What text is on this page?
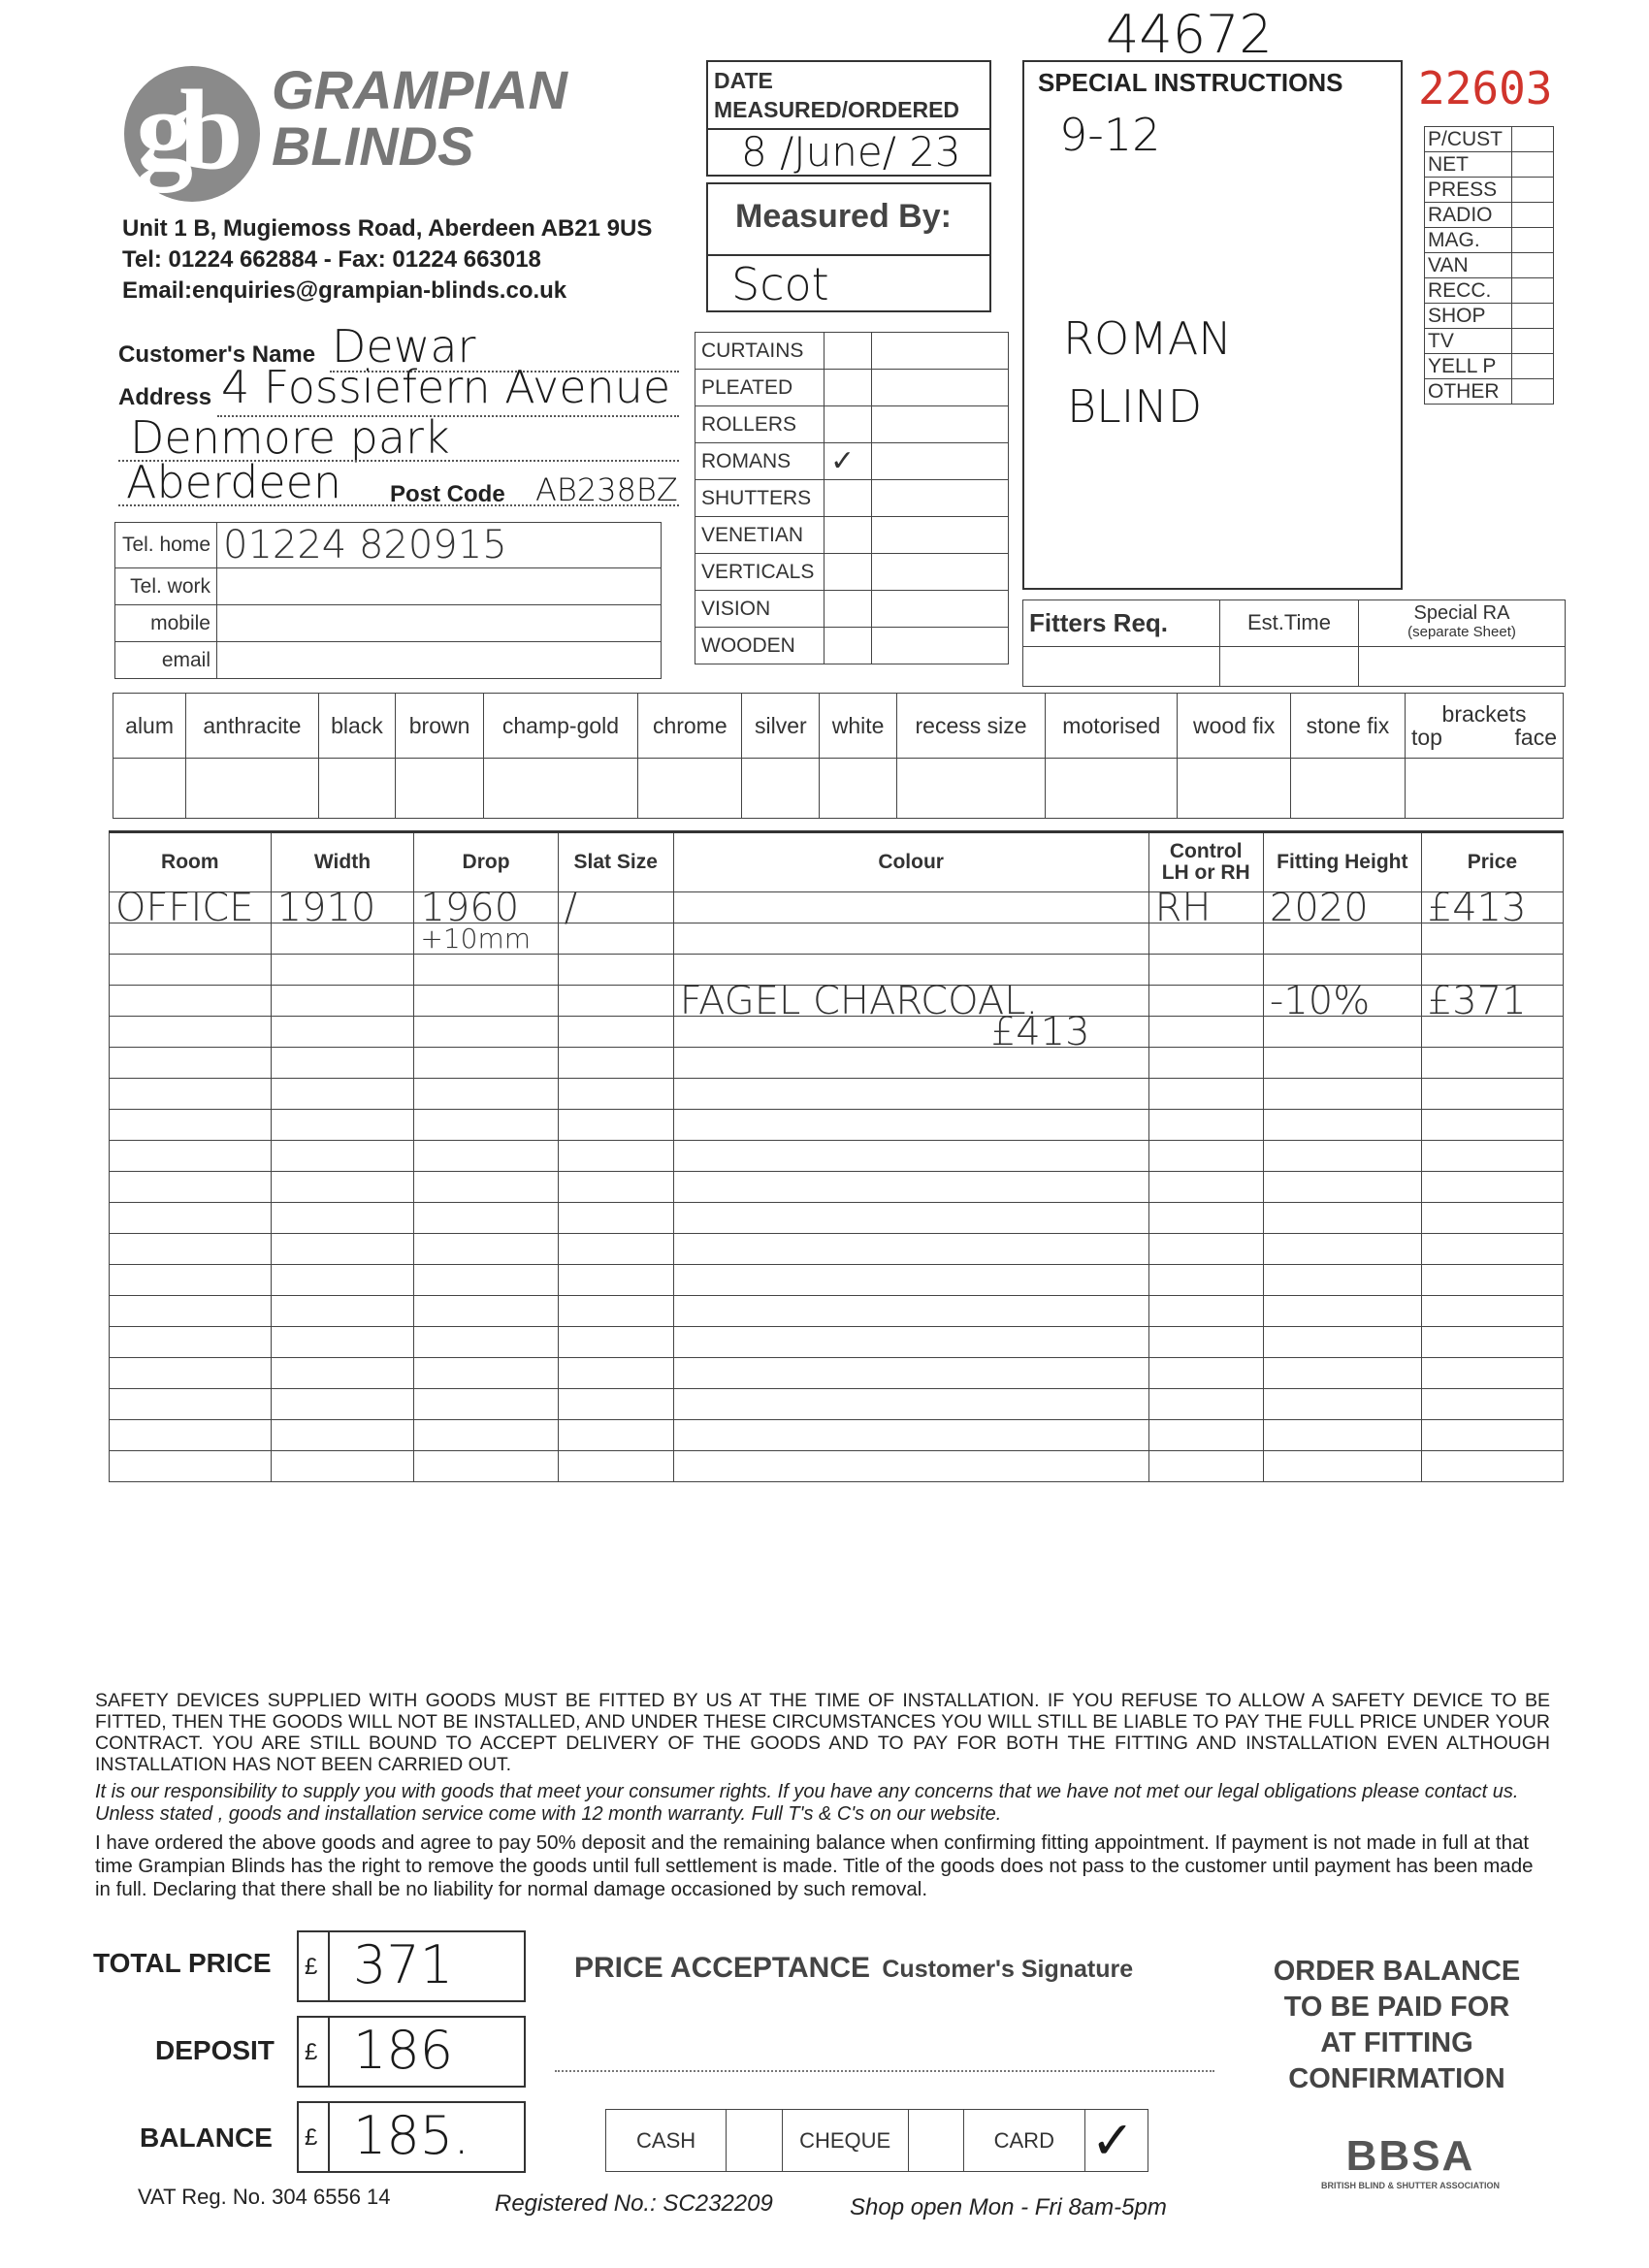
gb GRAMPIAN
BLINDS
Unit 1 B, Mugiemoss Road, Aberdeen AB21 9US
Tel: 01224 662884 - Fax: 01224 663018
Email:enquiries@grampian-blinds.co.uk
44672
22603
DATE MEASURED/ORDERED
8 /June/ 23
Measured By:
Scot
SPECIAL INSTRUCTIONS
9-12
ROMAN
BLIND
P/CUST	
NET	
PRESS	
RADIO	
MAG.	
VAN	
RECC.	
SHOP	
TV	
YELL P	
OTHER	
Customer's Name Dewar
Address 4 Fossiefern Avenue
Denmore park
Aberdeen Post Code AB238BZ
Tel. home	01224 820915
Tel. work	
mobile	
email	
CURTAINS		
PLEATED		
ROLLERS		
ROMANS	✓	
SHUTTERS		
VENETIAN		
VERTICALS		
VISION		
WOODEN		
Fitters Req.	Est.Time	Special RA
(separate Sheet)

alum	anthracite	black	brown	champ-gold	chrome	silver	white	recess size	motorised	wood fix	stone fix	brackets
top face

Room	Width	Drop	Slat Size	Colour	Control LH or RH	Fitting Height	Price
OFFICE	1910	1960	/		RH	2020	£413
		+10mm					

				FAGEL CHARCOAL.		-10%	£371
				£413			

SAFETY DEVICES SUPPLIED WITH GOODS MUST BE FITTED BY US AT THE TIME OF INSTALLATION. IF YOU REFUSE TO ALLOW A SAFETY DEVICE TO BE FITTED, THEN THE GOODS WILL NOT BE INSTALLED, AND UNDER THESE CIRCUMSTANCES YOU WILL STILL BE LIABLE TO PAY THE FULL PRICE UNDER YOUR CONTRACT. YOU ARE STILL BOUND TO ACCEPT DELIVERY OF THE GOODS AND TO PAY FOR BOTH THE FITTING AND INSTALLATION EVEN ALTHOUGH INSTALLATION HAS NOT BEEN CARRIED OUT.
It is our responsibility to supply you with goods that meet your consumer rights. If you have any concerns that we have not met our legal obligations please contact us. Unless stated , goods and installation service come with 12 month warranty. Full T's & C's on our website.
I have ordered the above goods and agree to pay 50% deposit and the remaining balance when confirming fitting appointment. If payment is not made in full at that time Grampian Blinds has the right to remove the goods until full settlement is made. Title of the goods does not pass to the customer until payment has been made in full. Declaring that there shall be no liability for normal damage occasioned by such removal.
TOTAL PRICE £ 371
DEPOSIT £ 186
BALANCE £ 185.
PRICE ACCEPTANCE Customer's Signature
CASH		CHEQUE		CARD	✓
ORDER BALANCE
TO BE PAID FOR
AT FITTING
CONFIRMATION
BBSA
BRITISH BLIND & SHUTTER ASSOCIATION
VAT Reg. No. 304 6556 14	Registered No.: SC232209	Shop open Mon - Fri 8am-5pm
